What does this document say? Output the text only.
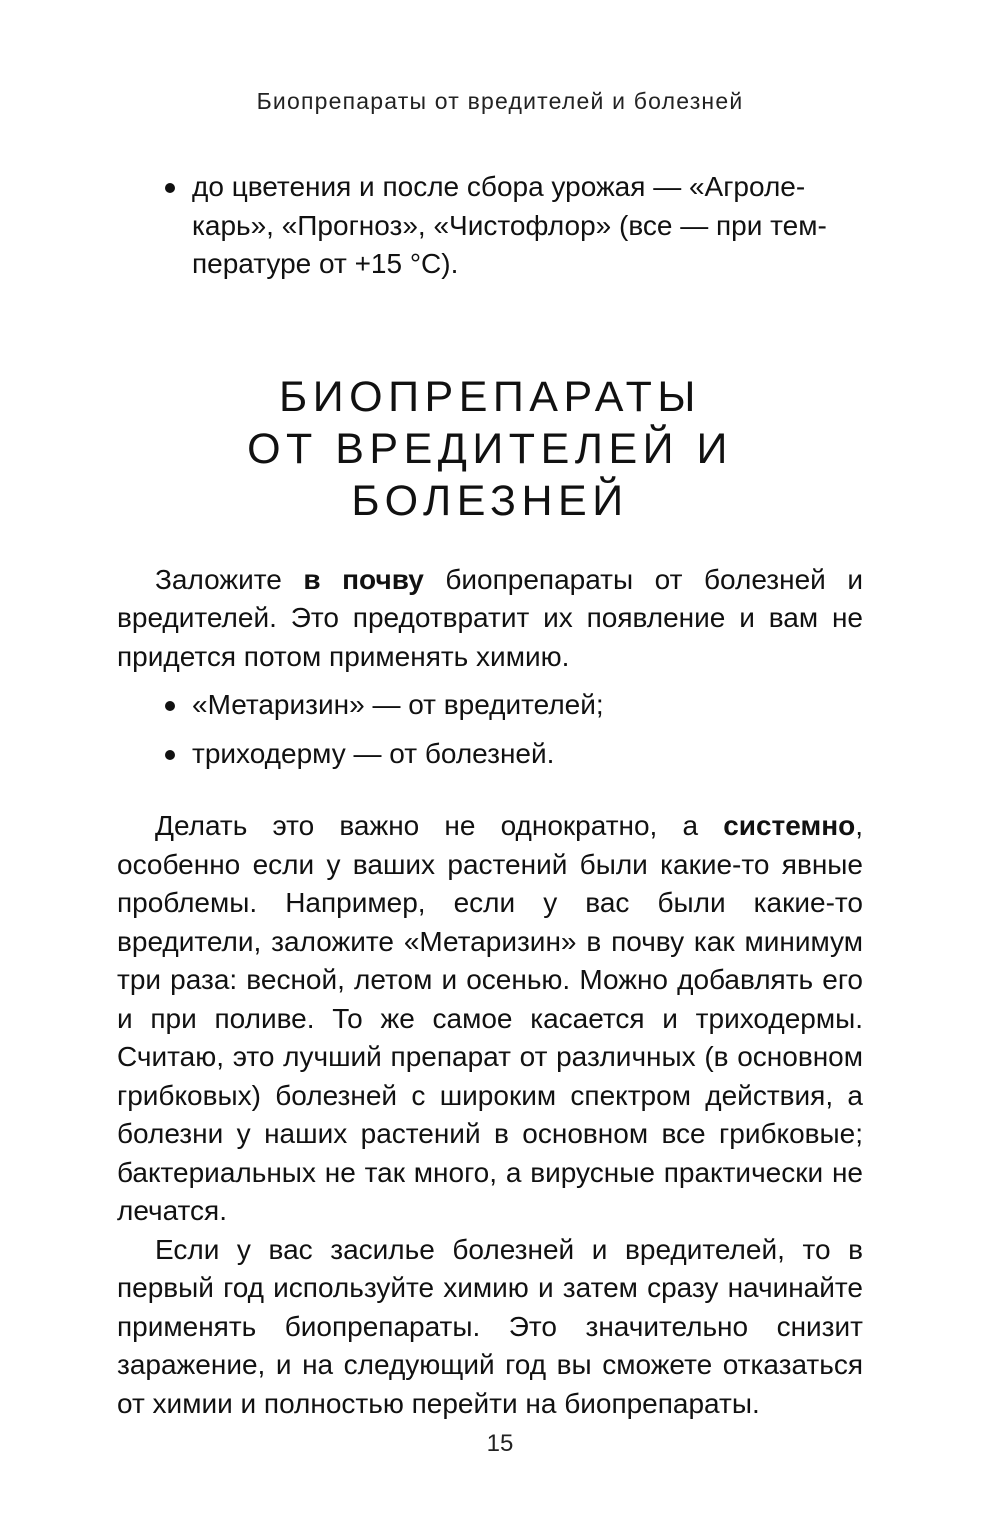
Биопрепараты от вредителей и болезней
до цветения и после сбора урожая — «Агроле-
карь», «Прогноз», «Чистофлор» (все — при тем-
пературе от +15 °С).
БИОПРЕПАРАТЫ
ОТ ВРЕДИТЕЛЕЙ И БОЛЕЗНЕЙ

Заложите в почву биопрепараты от болезней и вредителей. Это предотвратит их появление и вам не придется потом применять химию.

«Метаризин» — от вредителей;
триходерму — от болезней.

Делать это важно не однократно, а системно, особенно если у ваших растений были какие-то явные проблемы. Например, если у вас были какие-то вредители, заложите «Метаризин» в почву как минимум три раза: весной, летом и осенью. Можно добавлять его и при поливе. То же самое касается и триходермы. Считаю, это лучший препарат от различных (в основном грибковых) болезней с широким спектром действия, а болезни у наших растений в основном все грибковые; бактериальных не так много, а вирусные практически не лечатся.

Если у вас засилье болезней и вредителей, то в первый год используйте химию и затем сразу начинайте применять биопрепараты. Это значительно снизит заражение, и на следующий год вы сможете отказаться от химии и полностью перейти на биопрепараты.

15
